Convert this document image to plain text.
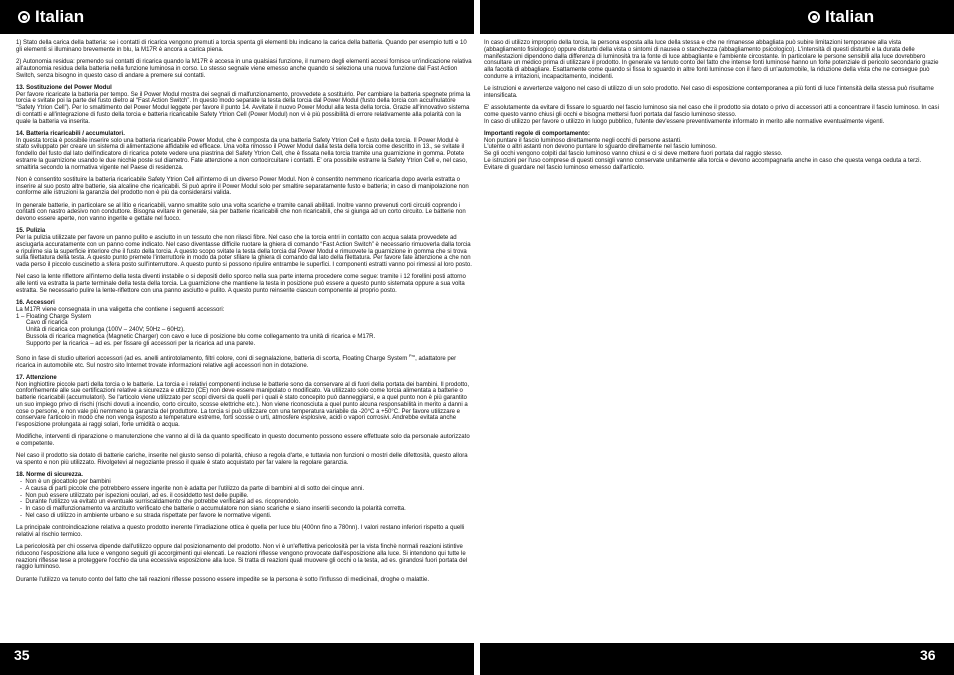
Italian	Italian

1) Stato della carica della batteria: se i contatti di ricarica vengono premuti a torcia spenta gli elementi blu indicano la carica della batteria. Quando per esempio tutti e 10 gli elementi si illuminano brevemente in blu, la M17R è ancora a carica piena.

2) Autonomia residua: premendo sui contatti di ricarica quando la M17R è accesa in una qualsiasi funzione, il numero degli elementi accesi fornisce un'indicazione relativa all'autonomia residua della batteria nella funzione luminosa in corso. Lo stesso segnale viene emesso anche quando si seleziona una nuova funzione dal Fast Action Switch, senza bisogno in questo caso di andare a premere sui contatti.

13. Sostituzione del Power Modul

Per favore ricaricate la batteria per tempo. Se il Power Modul mostra dei segnali di malfunzionamento, provvedete a sostituirlo. Per cambiare la batteria spegnete prima la torcia e svitate poi la parte del fusto dietro al “Fast Action Switch”. In questo modo separate la testa della torcia dal Power Modul (fusto della torcia con accumulatore “Safety Ytrion Cell”). Per lo smaltimento del Power Modul leggete per favore il punto 14. Avvitate il nuovo Power Modul alla testa della torcia. Grazie all'innovativo sistema di contatti e all'integrazione di fusto della torcia e batteria ricaricabile Safety Ytrion Cell (Power Modul) non vi è più possibilità di errore relativamente alla polarità con la quale la batteria va inserita.

14. Batteria ricaricabili / accumulatori.

In questa torcia è possibile inserire solo una batteria ricaricabile Power Modul, che è composta da una batteria Safety Ytrion Cell e fusto della torcia. Il Power Modul è stato sviluppato per creare un sistema di alimentazione affidabile ed efficace. Una volta rimosso il Power Modul dalla testa della torcia come descritto in 13., se svitate il fondello del fusto dal lato dell'indicatore di ricarica potete vedere una piastrina del Safety Ytrion Cell, che è fissata nella torcia tramite una guarnizione in gomma. Potete estrarre la guarnizione usando le due nicchie poste sul diametro. Fate attenzione a non cortocircuitare i contatti. E' ora possibile estrarre la Safety Ytrion Cell e, nel caso, smaltirla secondo la normativa vigente nel Paese di residenza.

Non è consentito sostituire la batteria ricaricabile Safety Ytrion Cell all'interno di un diverso Power Modul. Non è consentito nemmeno ricaricarla dopo averla estratta o inserire al suo posto altre batterie, sia alcaline che ricaricabili. Si può aprire il Power Modul solo per smaltire separatamente fusto e batteria; in caso di manipolazione non conforme alle istruzioni la garanzia del prodotto non è più da considerarsi valida.

In generale batterie, in particolare se al litio e ricaricabili, vanno smaltite solo una volta scariche e tramite canali abilitati. Inoltre vanno prevenuti corti circuiti coprendo i contatti con nastro adesivo non conduttore. Bisogna evitare in generale, sia per batterie ricaricabili che non ricaricabili, che si giunga ad un corto circuito. Le batterie non devono essere aperte, non vanno ingerite e gettate nel fuoco.

15. Pulizia

Per la pulizia utilizzate per favore un panno pulito e asciutto in un tessuto che non rilasci fibre. Nel caso che la torcia entri in contatto con acqua salata provvedete ad asciugarla accuratamente con un panno come indicato. Nel caso diventasse difficile ruotare la ghiera di comando “Fast Action Switch” è necessario rimuoverla dalla torcia e ripulirne sia la superficie interiore che il fusto della torcia. A questo scopo svitate la testa della torcia dal Power Modul e rimuovete la guarnizione in gomma che si trova sulla filettatura della testa. A questo punto premete l'interruttore in modo da poter sfilare la ghiera di comando dal lato della filettatura. Per favore fate attenzione a che non vada perso il piccolo cuscinetto a sfera posto sull'interruttore. A questo punto si possono ripulire entrambe le superfici. I componenti estratti vanno poi rimessi al loro posto.

Nel caso la lente riflettore all'interno della testa diventi instabile o si depositi dello sporco nella sua parte interna procedere come segue: tramite i 12 forellini posti attorno alle lenti va estratta la parte terminale della testa della torcia. La guarnizione che mantiene la testa in posizione può essere a questo punto sistemata oppure a sua volta estratta. Se necessario pulire la lente-riflettore con una panno asciutto e pulito. A questo punto reinserite ciascun componente al proprio posto.

16. Accessori

La M17R viene consegnata in una valigetta che contiene i seguenti accessori:
1 – Floating Charge System
Cavo di ricarica
Unità di ricarica con prolunga (100V – 240V; 50Hz – 60Hz).
Bussola di ricarica magnetica (Magnetic Charger) con cavo e luce di posizione blu come collegamento tra unità di ricarica e M17R.

Supporto per la ricarica – ad es. per fissare gli accessori per la ricarica ad una parete.

Sono in fase di studio ulteriori accessori (ad es. anelli antirotolamento, filtri colore, coni di segnalazione, batteria di scorta, Floating Charge System $^{Pro}$, adattatore per ricarica in automobile etc. Sul nostro sito Internet trovate informazioni relative agli accessori non in dotazione.

17. Attenzione

Non inghiottire piccole parti della torcia o le batterie. La torcia e i relativi componenti incluse le batterie sono da conservare al di fuori della portata dei bambini. Il prodotto, conformemente alle sue certificazioni relative a sicurezza e utilizzo (CE) non deve essere manipolato o modificato. Va utilizzato solo come torcia alimentata a batterie o batterie ricaricabili (accumulatori). Se l'articolo viene utilizzato per scopi diversi da quelli per i quali è stato concepito può danneggiarsi, e a quel punto non è più garantito un suo impiego privo di rischi (rischi dovuti a incendio, corto circuito, scosse elettriche etc.). Non viene riconosciuta a quel punto alcuna responsabilità in merito a danni a cose o persone, e non vale più nemmeno la garanzia del produttore. La torcia si può utilizzare con una temperatura variabile da -20°C a +50°C. Per favore utilizzare e conservare l'articolo in modo che non venga esposto a temperature estreme, forti scosse o urti, atmosfere esplosive, acidi o vapori corrosivi. Andrebbe evitata anche l'esposizione prolungata ai raggi solari, forte umidità o acqua.

Modifiche, interventi di riparazione o manutenzione che vanno al di là da quanto specificato in questo documento possono essere effettuate solo da personale autorizzato e competente.

Nel caso il prodotto sia dotato di batterie cariche, inserite nel giusto senso di polarità, chiuso a regola d'arte, e tuttavia non funzioni o mostri delle difettosità, questo allora va spento e non più utilizzato. Rivolgetevi al negoziante presso il quale è stato acquistato per far valere la regolare garanzia.

18. Norme di sicurezza.

-  Non è un giocattolo per bambini
-  A causa di parti piccole che potrebbero essere ingerite non è adatta per l'utilizzo da parte di bambini al di sotto dei cinque anni.
-  Non può essere utilizzato per ispezioni oculari, ad es. il cosiddetto test delle pupille.
-  Durante l'utilizzo va evitato un eventuale surriscaldamento che potrebbe verificarsi ad es. ricoprendolo.
-  In caso di malfunzionamento va anzitutto verificato che batterie o accumulatore non siano scariche e siano inseriti secondo la polarità corretta.

-  Nel caso di utilizzo in ambiente urbano e su strada rispettate per favore le normative vigenti.

La principale controindicazione relativa a questo prodotto inerente l'irradiazione ottica è quella per luce blu (400nn fino a 780nn). I valori restano inferiori rispetto a quelli relativi al rischio termico.

La pericolosità per chi osserva dipende dall'utilizzo oppure dal posizionamento del prodotto. Non vi è un'effettiva pericolosità per la vista finchè normali reazioni istintive riducono l'esposizione alla luce e vengono seguiti gli accorgimenti qui elencati. Le reazioni riflesse vengono provocate dall'esposizione alla luce. Si intendono qui tutte le reazioni riflesse tese a proteggere l'occhio da una eccessiva esposizione alla luce. Si tratta di reazioni quali muovere gli occhi o la testa, ad es. girandosi fuori portata del raggio luminoso.

Durante l'utilizzo va tenuto conto del fatto che tali reazioni riflesse possono essere impedite se la persona è sotto l'influsso di medicinali, droghe o malattie.

In caso di utilizzo improprio della torcia, la persona esposta alla luce della stessa e che ne rimanesse abbagliata può subire limitazioni temporanee alla vista (abbagliamento fisiologico) oppure disturbi della vista o sintomi di nausea o stanchezza (abbagliamento psicologico). L'intensità di questi disturbi e la durata delle manifestazioni dipendono dalla differenza di luminosità tra la fonte di luce abbagliante e l'ambiente circostante. In particolare le persone sensibili alla luce dovrebbero consultare un medico prima di utilizzare il prodotto. In generale va tenuto conto del fatto che intense fonti luminose hanno un forte potenziale di pericolo secondario grazie alla facoltà di abbagliare. Esattamente come quando si fissa lo sguardo in altre fonti luminose con il faro di un'automobile, la riduzione della vista che ne consegue può condurre a irritazioni, incapacitamento, incidenti.

Le istruzioni e avvertenze valgono nel caso di utilizzo di un solo prodotto. Nel caso di esposizione contemporanea a più fonti di luce l'intensità della stessa può risultarne intensificata.

E' assolutamente da evitare di fissare lo sguardo nel fascio luminoso sia nel caso che il prodotto sia dotato o privo di accessori atti a concentrare il fascio luminoso. In casi come questo vanno chiusi gli occhi e bisogna mettersi fuori portata dal fascio luminoso stesso.

In caso di utilizzo per favore o utilizzo in luogo pubblico, l'utente dev'essere preventivamente informato in merito alle normative eventualmente vigenti.

Importanti regole di comportamento:

Non puntare il fascio luminoso direttamente negli occhi di persone astanti.
L'utente o altri astanti non devono puntare lo sguardo direttamente nel fascio luminoso.
Se gli occhi vengono colpiti dal fascio luminoso vanno chiusi e ci si deve mettere fuori portata dal raggio stesso.
Le istruzioni per l'uso comprese di questi consigli vanno conservate unitamente alla torcia e devono accompagnarla anche in caso che questa venga ceduta a terzi.
Evitare di guardare nel fascio luminoso emesso dall'articolo.
35	36
